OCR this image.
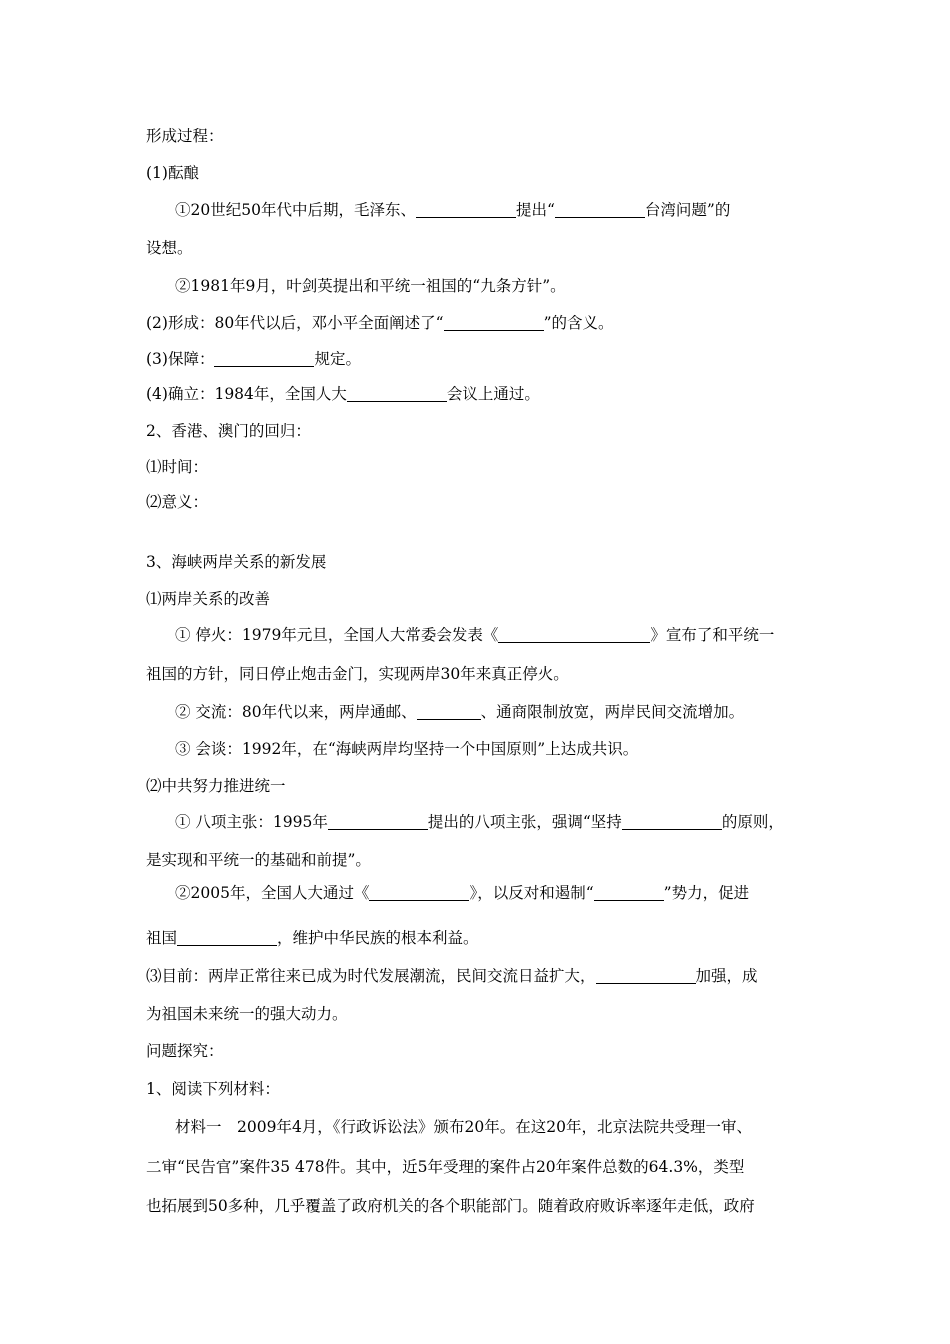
形成过程：
(1)酝酿
①20世纪50年代中后期，毛泽东、	提出“	台湾问题”的
设想。
②1981年9月，叶剑英提出和平统一祖国的“九条方针”。
(2)形成：80年代以后，邓小平全面阐述了“	”的含义。
(3)保障：	规定。
(4)确立：1984年，全国人大	会议上通过。
2、香港、澳门的回归：
⑴时间：
⑵意义：
3、海峡两岸关系的新发展
⑴两岸关系的改善
① 停火：1979年元旦，全国人大常委会发表《	》宣布了和平统一
祖国的方针，同日停止炮击金门，实现两岸30年来真正停火。
② 交流：80年代以来，两岸通邮、	、通商限制放宽，两岸民间交流增加。
③ 会谈：1992年，在“海峡两岸均坚持一个中国原则”上达成共识。
⑵中共努力推进统一
① 八项主张：1995年	提出的八项主张，强调“坚持	的原则，
是实现和平统一的基础和前提”。
②2005年，全国人大通过《	》，以反对和遏制“	”势力，促进
祖国	，维护中华民族的根本利益。
⑶目前：两岸正常往来已成为时代发展潮流，民间交流日益扩大，	加强，成
为祖国未来统一的强大动力。
问题探究：
1、阅读下列材料：
材料一　2009年4月，《行政诉讼法》颁布20年。在这20年，北京法院共受理一审、
二审“民告官”案件35 478件。其中，近5年受理的案件占20年案件总数的64.3%，类型
也拓展到50多种，几乎覆盖了政府机关的各个职能部门。随着政府败诉率逐年走低，政府
